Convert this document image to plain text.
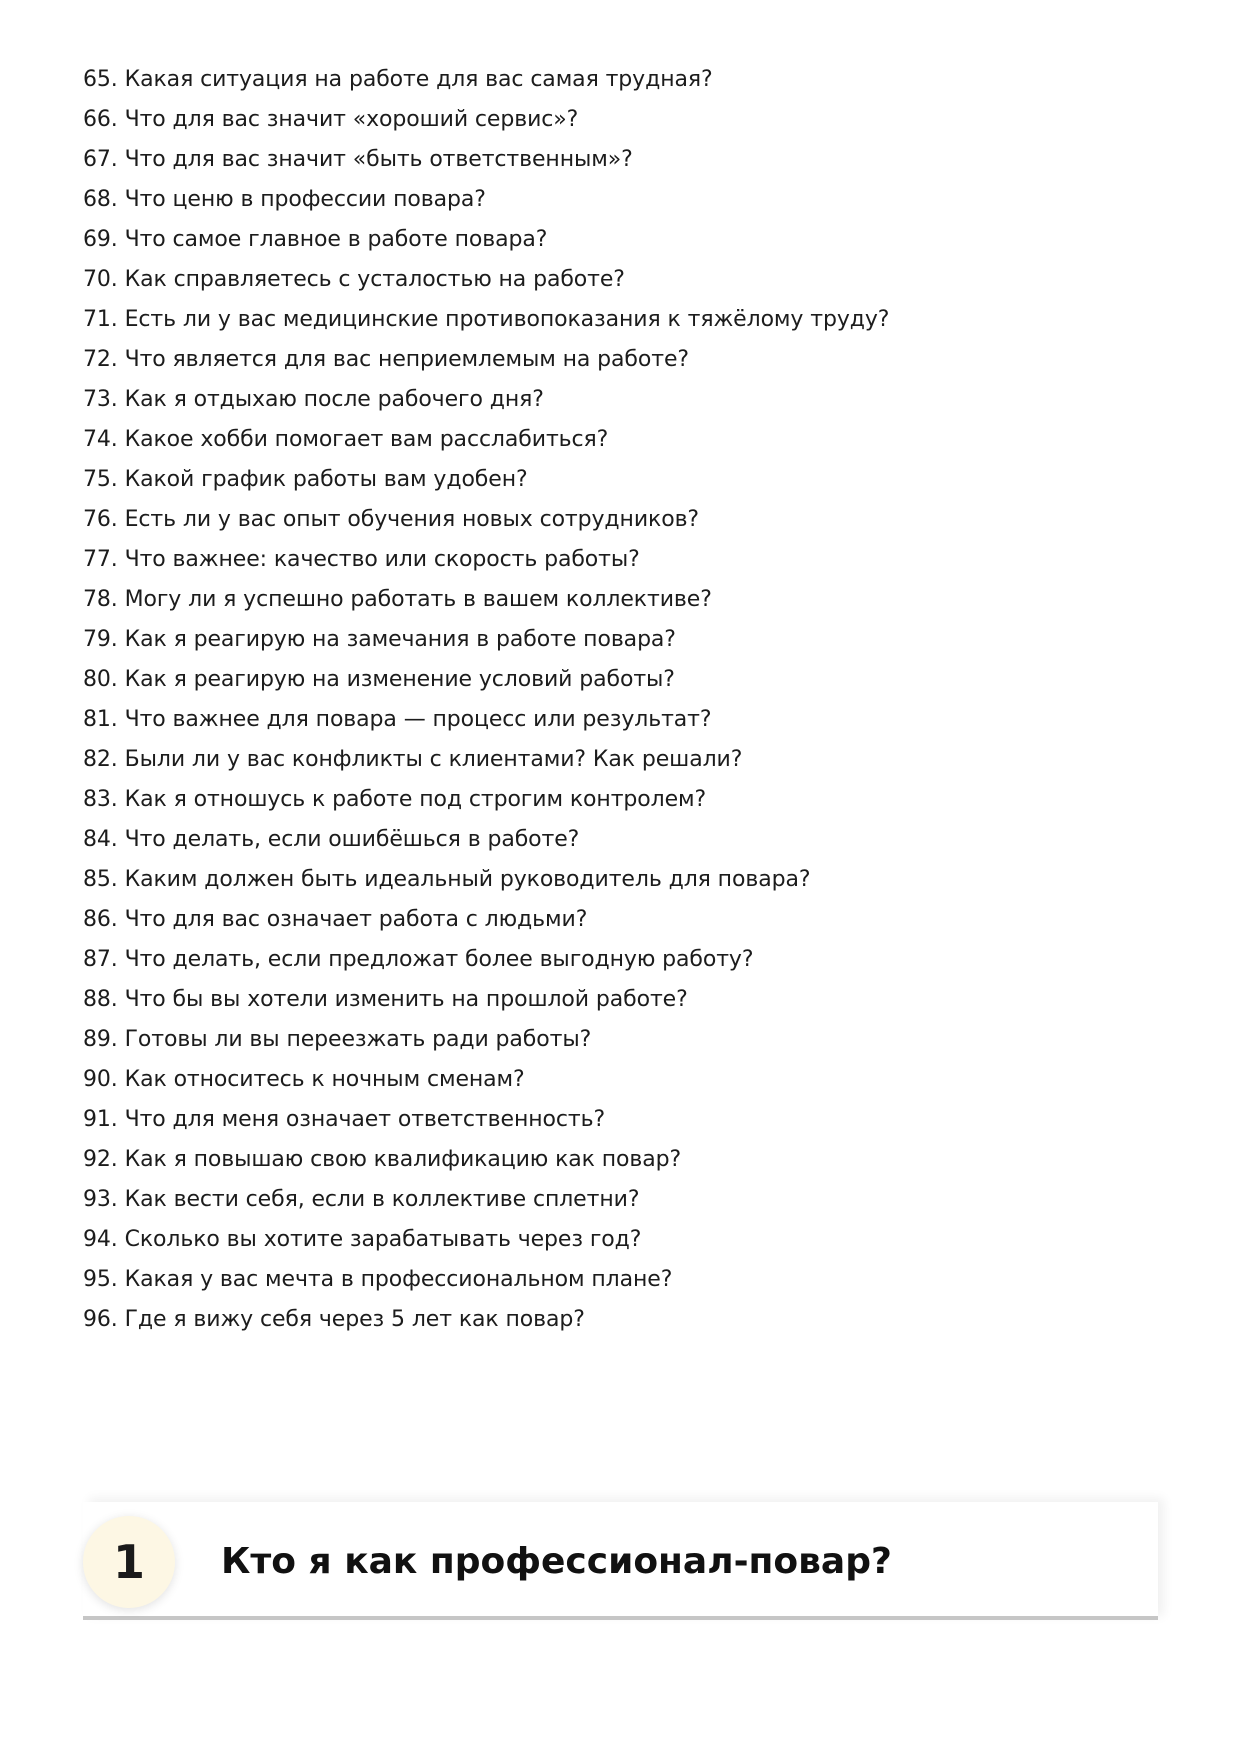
65 . Какая ситуация на работе для вас самая трудная?
66 . Что для вас значит «хороший сервис»?
67 . Что для вас значит «быть ответственным»?
68 . Что ценю в профессии повара?
69 . Что самое главное в работе повара?
70 . Как справляетесь с усталостью на работе?
71 . Есть ли у вас медицинские противопоказания к тяжёлому труду?
72 . Что является для вас неприемлемым на работе?
73 . Как я отдыхаю после рабочего дня?
74 . Какое хобби помогает вам расслабиться?
75 . Какой график работы вам удобен?
76 . Есть ли у вас опыт обучения новых сотрудников?
77 . Что важнее: качество или скорость работы?
78 . Могу ли я успешно работать в вашем коллективе?
79 . Как я реагирую на замечания в работе повара?
80 . Как я реагирую на изменение условий работы?
81 . Что важнее для повара — процесс или результат?
82 . Были ли у вас конфликты с клиентами? Как решали?
83 . Как я отношусь к работе под строгим контролем?
84 . Что делать, если ошибёшься в работе?
85 . Каким должен быть идеальный руководитель для повара?
86 . Что для вас означает работа с людьми?
87 . Что делать, если предложат более выгодную работу?
88 . Что бы вы хотели изменить на прошлой работе?
89 . Готовы ли вы переезжать ради работы?
90 . Как относитесь к ночным сменам?
91 . Что для меня означает ответственность?
92 . Как я повышаю свою квалификацию как повар?
93 . Как вести себя, если в коллективе сплетни?
94 . Сколько вы хотите зарабатывать через год?
95 . Какая у вас мечта в профессиональном плане?
96 . Где я вижу себя через 5 лет как повар?
1	Кто я как профессионал-повар?
